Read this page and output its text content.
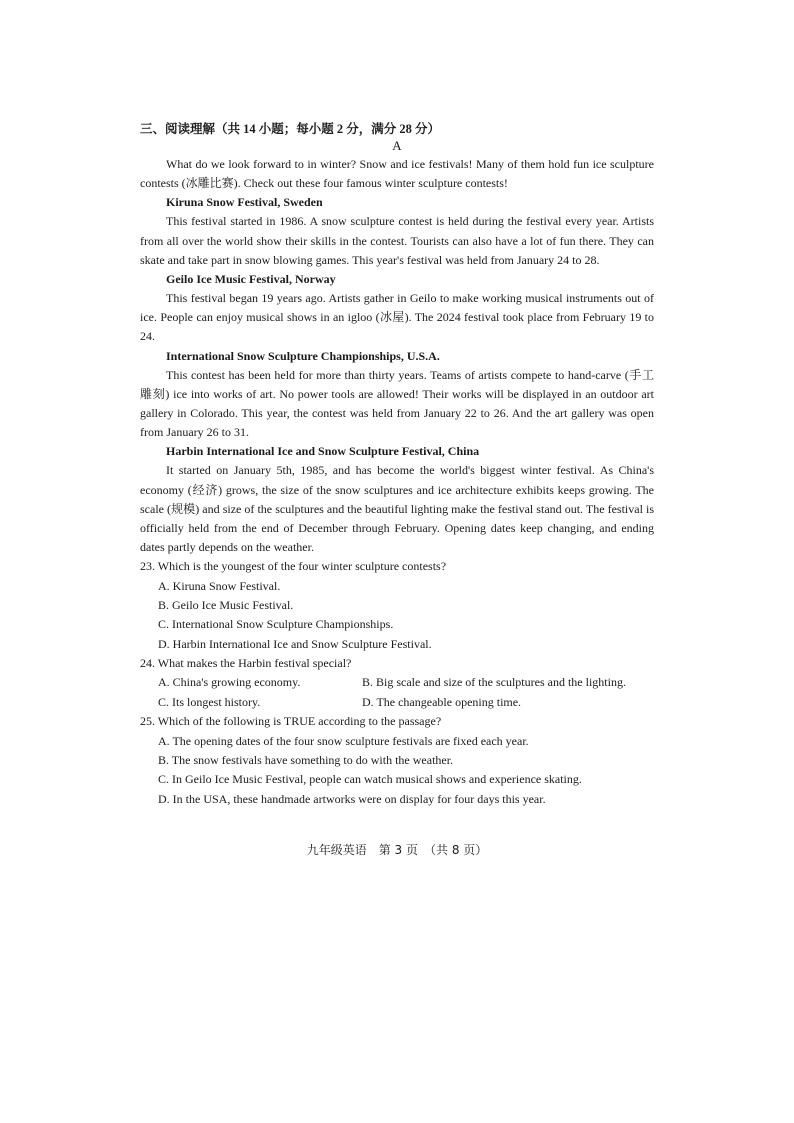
三、阅读理解（共 14 小题；每小题 2 分，满分 28 分）
A

What do we look forward to in winter? Snow and ice festivals! Many of them hold fun ice sculpture contests (冰雕比赛). Check out these four famous winter sculpture contests!

Kiruna Snow Festival, Sweden

This festival started in 1986. A snow sculpture contest is held during the festival every year. Artists from all over the world show their skills in the contest. Tourists can also have a lot of fun there. They can skate and take part in snow blowing games. This year's festival was held from January 24 to 28.

Geilo Ice Music Festival, Norway

This festival began 19 years ago. Artists gather in Geilo to make working musical instruments out of ice. People can enjoy musical shows in an igloo (冰屋). The 2024 festival took place from February 19 to 24.

International Snow Sculpture Championships, U.S.A.

This contest has been held for more than thirty years. Teams of artists compete to hand-carve (手工雕刻) ice into works of art. No power tools are allowed! Their works will be displayed in an outdoor art gallery in Colorado. This year, the contest was held from January 22 to 26. And the art gallery was open from January 26 to 31.

Harbin International Ice and Snow Sculpture Festival, China

It started on January 5th, 1985, and has become the world's biggest winter festival. As China's economy (经济) grows, the size of the snow sculptures and ice architecture exhibits keeps growing. The scale (规模) and size of the sculptures and the beautiful lighting make the festival stand out. The festival is officially held from the end of December through February. Opening dates keep changing, and ending dates partly depends on the weather.

23. Which is the youngest of the four winter sculpture contests?
A. Kiruna Snow Festival.
B. Geilo Ice Music Festival.
C. International Snow Sculpture Championships.
D. Harbin International Ice and Snow Sculpture Festival.
24. What makes the Harbin festival special?
A. China's growing economy.	B. Big scale and size of the sculptures and the lighting.
C. Its longest history.	D. The changeable opening time.
25. Which of the following is TRUE according to the passage?
A. The opening dates of the four snow sculpture festivals are fixed each year.
B. The snow festivals have something to do with the weather.
C. In Geilo Ice Music Festival, people can watch musical shows and experience skating.
D. In the USA, these handmade artworks were on display for four days this year.
九年级英语　第 3 页　（共 8 页）
